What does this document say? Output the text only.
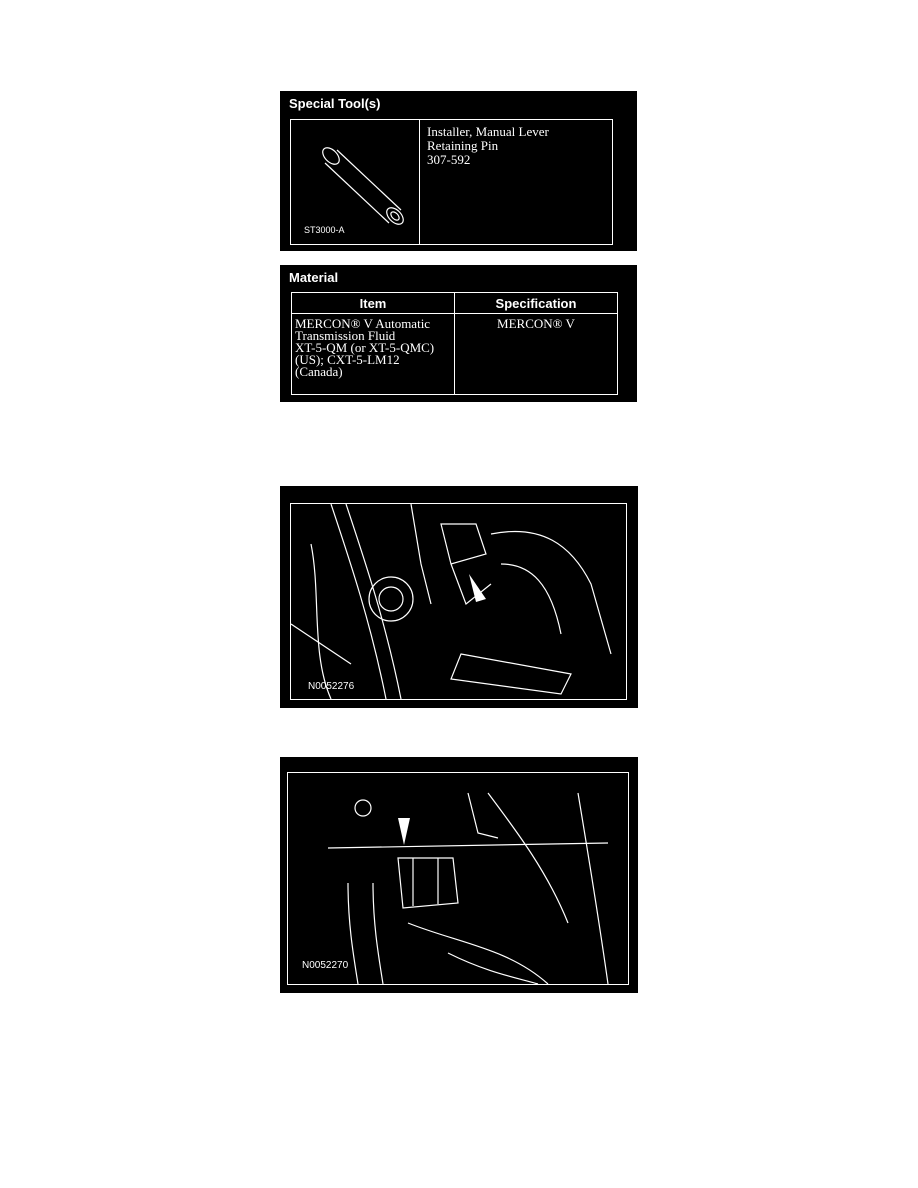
Special Tool(s)
ST3000-A
Installer, Manual Lever
Retaining Pin
307-592
Material
Item	Specification
MERCON® V Automatic
Transmission Fluid
XT-5-QM (or XT-5-QMC)
(US); CXT-5-LM12
(Canada)	MERCON® V
N0052276
N0052270
